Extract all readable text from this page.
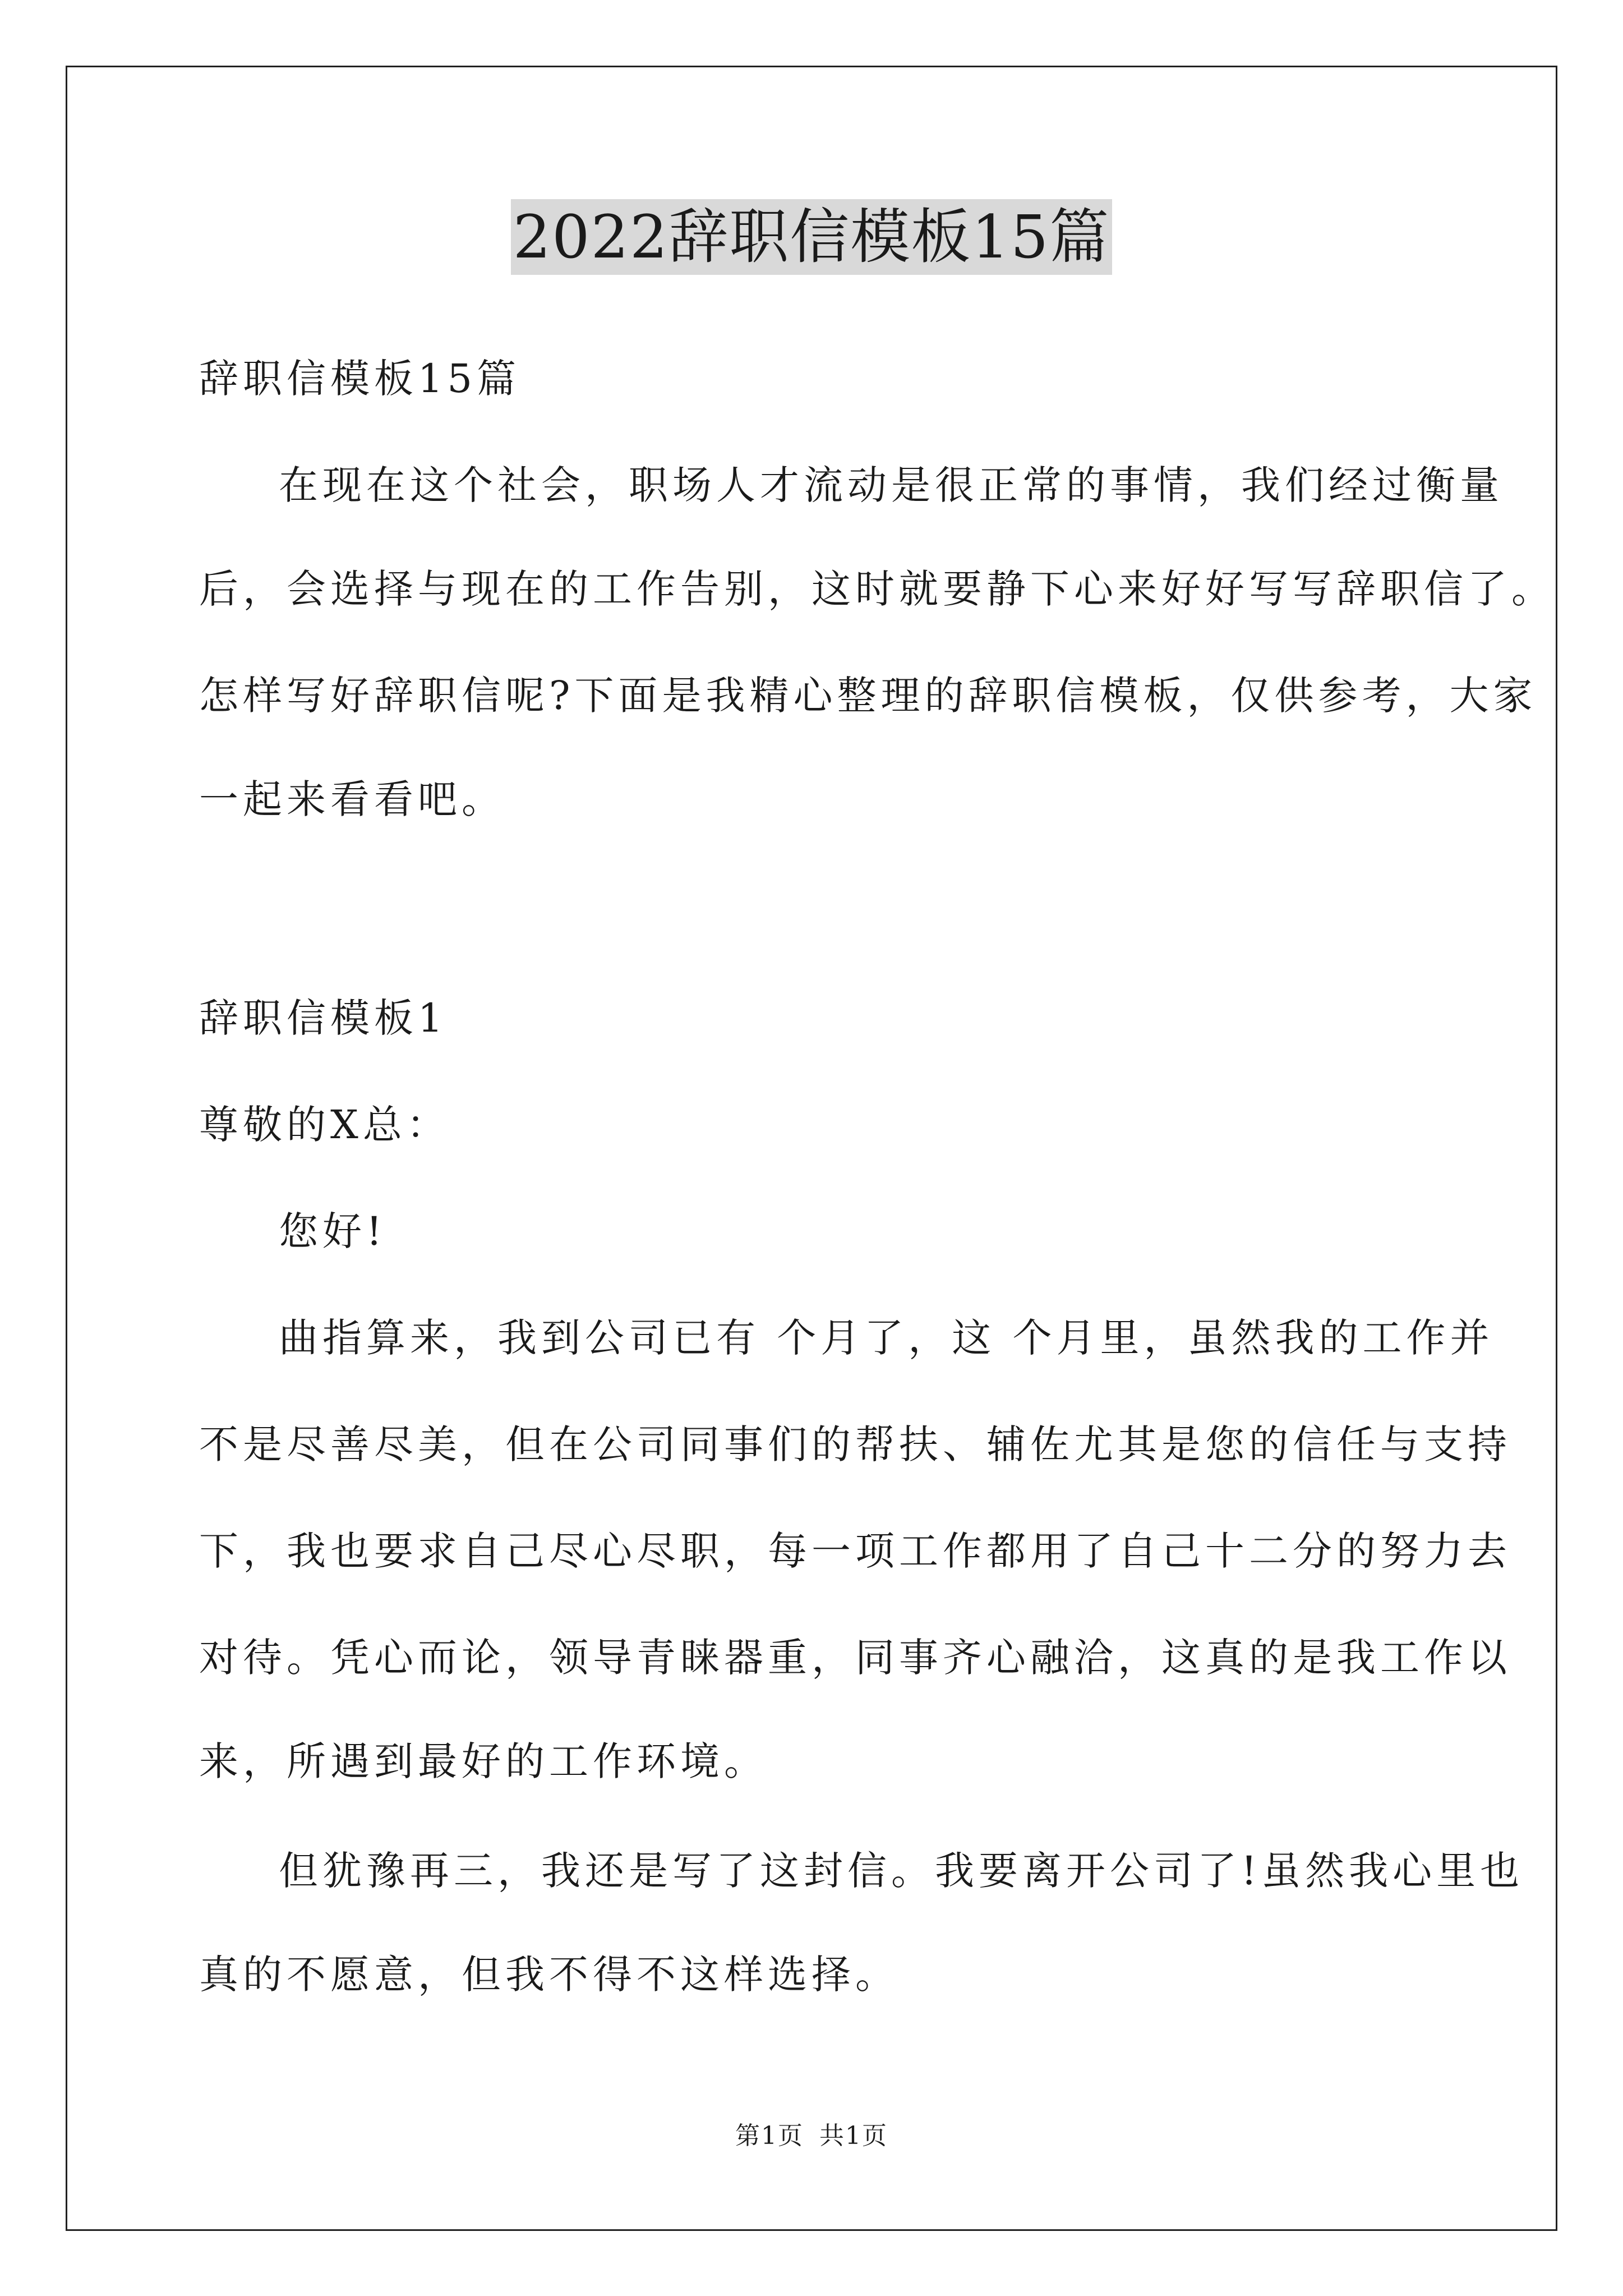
2022辞职信模板15篇
辞职信模板15篇
在现在这个社会，职场人才流动是很正常的事情，我们经过衡量
后，会选择与现在的工作告别，这时就要静下心来好好写写辞职信了。
怎样写好辞职信呢?下面是我精心整理的辞职信模板，仅供参考，大家
一起来看看吧。
辞职信模板1
尊敬的X总：
您好!
曲指算来，我到公司已有 个月了，这 个月里，虽然我的工作并
不是尽善尽美，但在公司同事们的帮扶、辅佐尤其是您的信任与支持
下，我也要求自己尽心尽职，每一项工作都用了自己十二分的努力去
对待。凭心而论，领导青睐器重，同事齐心融洽，这真的是我工作以
来，所遇到最好的工作环境。
但犹豫再三，我还是写了这封信。我要离开公司了!虽然我心里也
真的不愿意，但我不得不这样选择。
第1页 共1页
